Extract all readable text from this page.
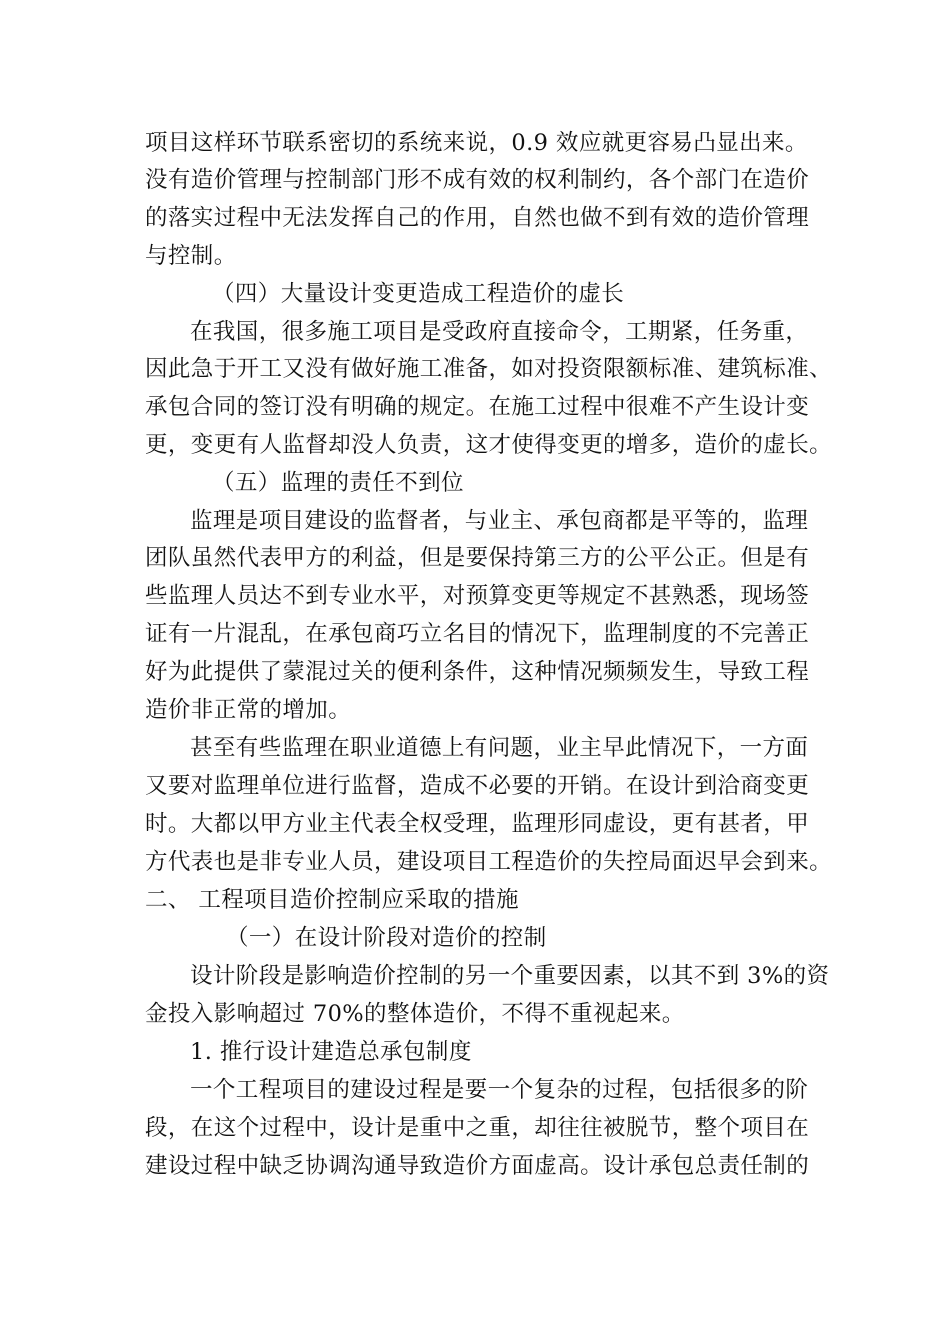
项目这样环节联系密切的系统来说，0.9 效应就更容易凸显出来。
没有造价管理与控制部门形不成有效的权利制约，各个部门在造价
的落实过程中无法发挥自己的作用，自然也做不到有效的造价管理
与控制。
（四）大量设计变更造成工程造价的虚长
在我国，很多施工项目是受政府直接命令，工期紧，任务重，
因此急于开工又没有做好施工准备，如对投资限额标准、建筑标准、
承包合同的签订没有明确的规定。在施工过程中很难不产生设计变
更，变更有人监督却没人负责，这才使得变更的增多，造价的虚长。
（五）监理的责任不到位
监理是项目建设的监督者，与业主、承包商都是平等的，监理
团队虽然代表甲方的利益，但是要保持第三方的公平公正。但是有
些监理人员达不到专业水平，对预算变更等规定不甚熟悉，现场签
证有一片混乱，在承包商巧立名目的情况下，监理制度的不完善正
好为此提供了蒙混过关的便利条件，这种情况频频发生，导致工程
造价非正常的增加。
甚至有些监理在职业道德上有问题，业主早此情况下，一方面
又要对监理单位进行监督，造成不必要的开销。在设计到洽商变更
时。大都以甲方业主代表全权受理，监理形同虚设，更有甚者，甲
方代表也是非专业人员，建设项目工程造价的失控局面迟早会到来。
二、 工程项目造价控制应采取的措施
（一）在设计阶段对造价的控制
设计阶段是影响造价控制的另一个重要因素，以其不到 3%的资
金投入影响超过 70%的整体造价，不得不重视起来。
1. 推行设计建造总承包制度
一个工程项目的建设过程是要一个复杂的过程，包括很多的阶
段，在这个过程中，设计是重中之重，却往往被脱节，整个项目在
建设过程中缺乏协调沟通导致造价方面虚高。设计承包总责任制的
